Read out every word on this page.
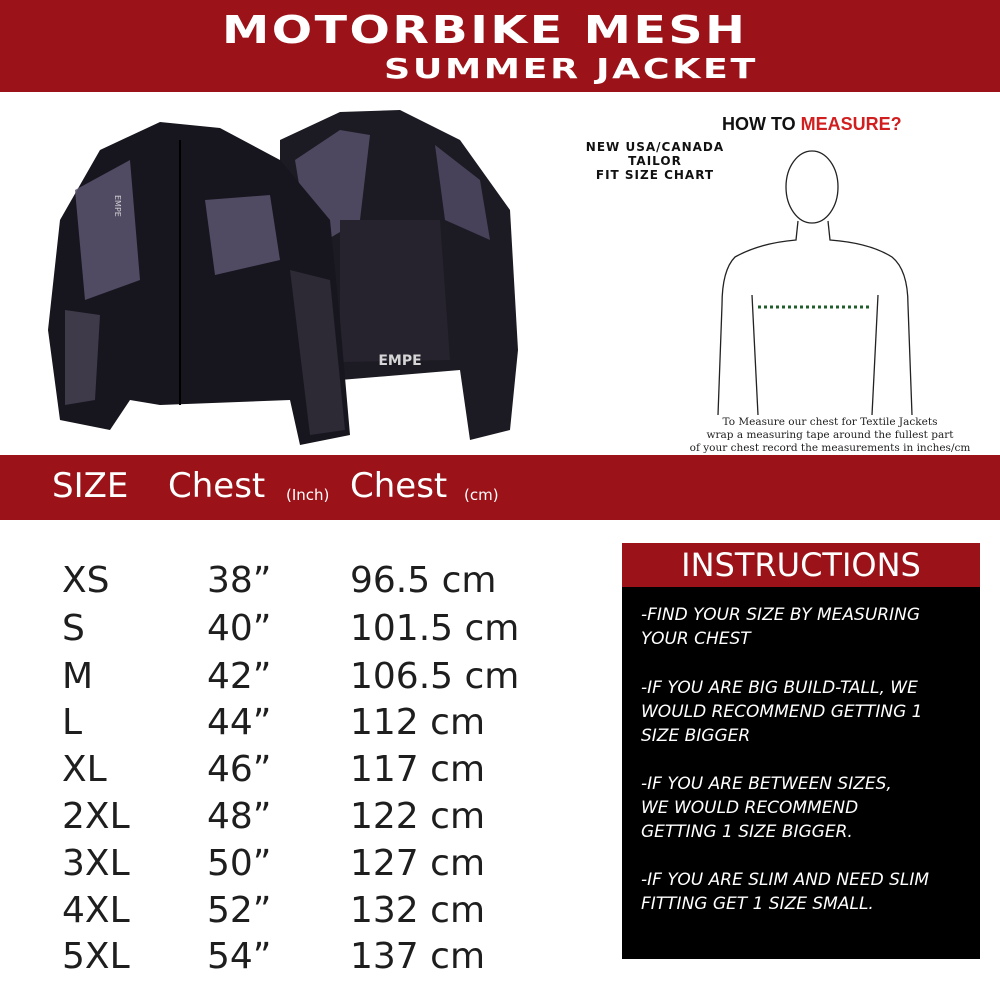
MOTORBIKE MESH
SUMMER JACKET
EMPE
EMPE
HOW TO MEASURE?
NEW USA/CANADA
TAILOR
FIT SIZE CHART
To Measure our chest for Textile Jackets
wrap a measuring tape around the fullest part
of your chest record the measurements in inches/cm
SIZE Chest (Inch) Chest (cm)
XS	38” 96.5 cm
S	40” 101.5 cm
M	42” 106.5 cm
L	44” 112 cm
XL	46” 117 cm
2XL 48” 122 cm
3XL 50” 127 cm
4XL 52” 132 cm
5XL 54” 137 cm
INSTRUCTIONS
-FIND YOUR SIZE BY MEASURING
YOUR CHEST
-IF YOU ARE BIG BUILD-TALL, WE
WOULD RECOMMEND GETTING 1
SIZE BIGGER
-IF YOU ARE BETWEEN SIZES,
WE WOULD RECOMMEND
GETTING 1 SIZE BIGGER.
-IF YOU ARE SLIM AND NEED SLIM
FITTING GET 1 SIZE SMALL.
